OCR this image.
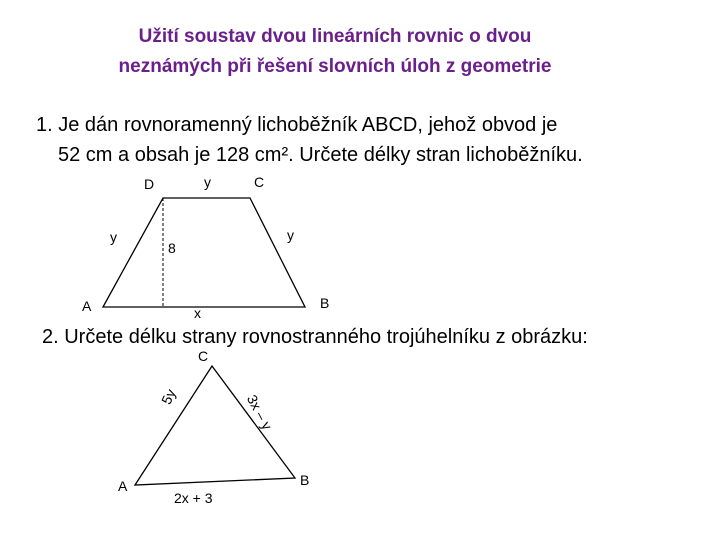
Užití soustav dvou lineárních rovnic o dvou
neznámých při řešení slovních úloh z geometrie
1. Je dán rovnoramenný lichoběžník ABCD, jehož obvod je
52 cm a obsah je 128 cm². Určete délky stran lichoběžníku.
D	y	C
y
8
y
A	x
B
2. Určete délku strany rovnostranného trojúhelníku z obrázku:
C
5y	3x – y
A
2x + 3
B
